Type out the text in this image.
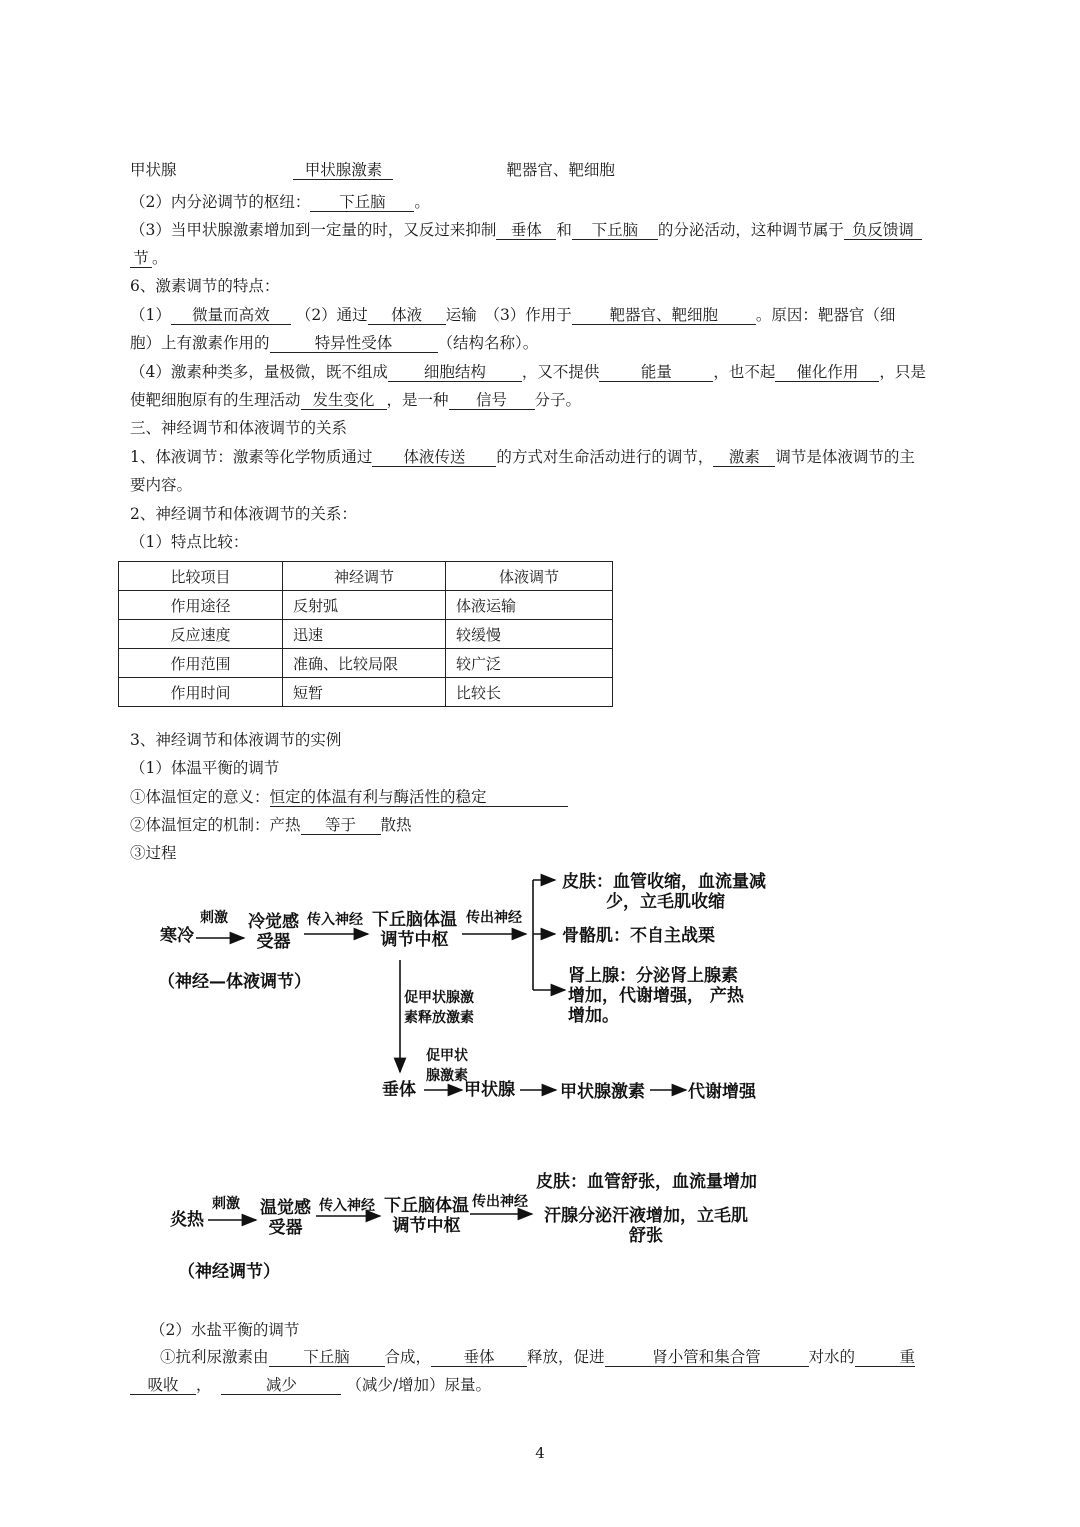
甲状腺	甲状腺激素	靶器官、靶细胞
（2）内分泌调节的枢纽： 下丘脑 。
（3）当甲状腺激素增加到一定量的时，又反过来抑制 垂体 和 下丘脑 的分泌活动，这种调节属于 负反馈调
节 。
6、激素调节的特点：
（1） 微量而高效 （2）通过 体液 运输　（3）作用于 靶器官、靶细胞 。原因：靶器官（细
胞）上有激素作用的	特异性受体	（结构名称）。
（4）激素种类多，量极微，既不组成 细胞结构 ，又不提供	能量	，也不起 催化作用 ，只是
使靶细胞原有的生理活动 发生变化 ，是一种 信号 分子。
三、神经调节和体液调节的关系
1、体液调节：激素等化学物质通过 体液传送 的方式对生命活动进行的调节， 激素 调节是体液调节的主
要内容。
2、神经调节和体液调节的关系：
（1）特点比较：
比较项目	神经调节	体液调节
作用途径	反射弧	体液运输
反应速度	迅速	较缓慢
作用范围	准确、比较局限	较广泛
作用时间	短暂	比较长
3、神经调节和体液调节的实例
（1）体温平衡的调节
①体温恒定的意义：恒定的体温有利与酶活性的稳定
②体温恒定的机制：产热 等于 散热
③过程
寒冷
刺激 冷觉感
受器
传入神经 下丘脑体温
调节中枢
传出神经
皮肤：血管收缩，血流量减
少，立毛肌收缩
骨骼肌：不自主战栗
肾上腺：分泌肾上腺素
增加，代谢增强， 产热
增加。
（神经—体液调节）
促甲状腺激
素释放激素
促甲状
腺激素
垂体	甲状腺	甲状腺激素	代谢增强
炎热
刺激 温觉感
受器
传入神经 下丘脑体温
调节中枢
传出神经
皮肤：血管舒张，血流量增加
汗腺分泌汗液增加，立毛肌
舒张
（神经调节）
（2）水盐平衡的调节
①抗利尿激素由 下丘脑 合成， 垂体 释放，促进	肾小管和集合管	对水的	重
吸收 ，	减少	（减少/增加）尿量。
4
